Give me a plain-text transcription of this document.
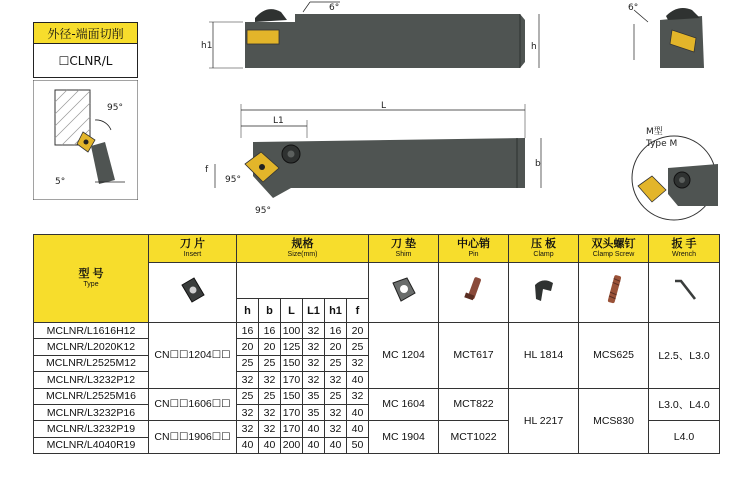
外径-端面切削
☐CLNR/L
95°
5°
6°
h1	h
6°
L
L1
f
95°
95°
b
M型
Type M
型 号
Type	刀 片
Insert	规格
Size(mm)						刀 垫
Shim	中心销
Pin	压 板
Clamp	双头螺钉
Clamp Screw	扳 手
Wrench

		h	b	L	L1	h1	f					
MCLNR/L1616H12	CN☐☐1204☐☐	16	16	100	32	16	20	MC 1204	MCT617	HL 1814	MCS625	L2.5、L3.0
MCLNR/L2020K12		20	20	125	32	20	25					
MCLNR/L2525M12		25	25	150	32	25	32					
MCLNR/L3232P12		32	32	170	32	32	40					
MCLNR/L2525M16	CN☐☐1606☐☐	25	25	150	35	25	32	MC 1604	MCT822	HL 2217	MCS830	L3.0、L4.0
MCLNR/L3232P16		32	32	170	35	32	40					
MCLNR/L3232P19	CN☐☐1906☐☐	32	32	170	40	32	40	MC 1904	MCT1022			L4.0
MCLNR/L4040R19		40	40	200	40	40	50					
